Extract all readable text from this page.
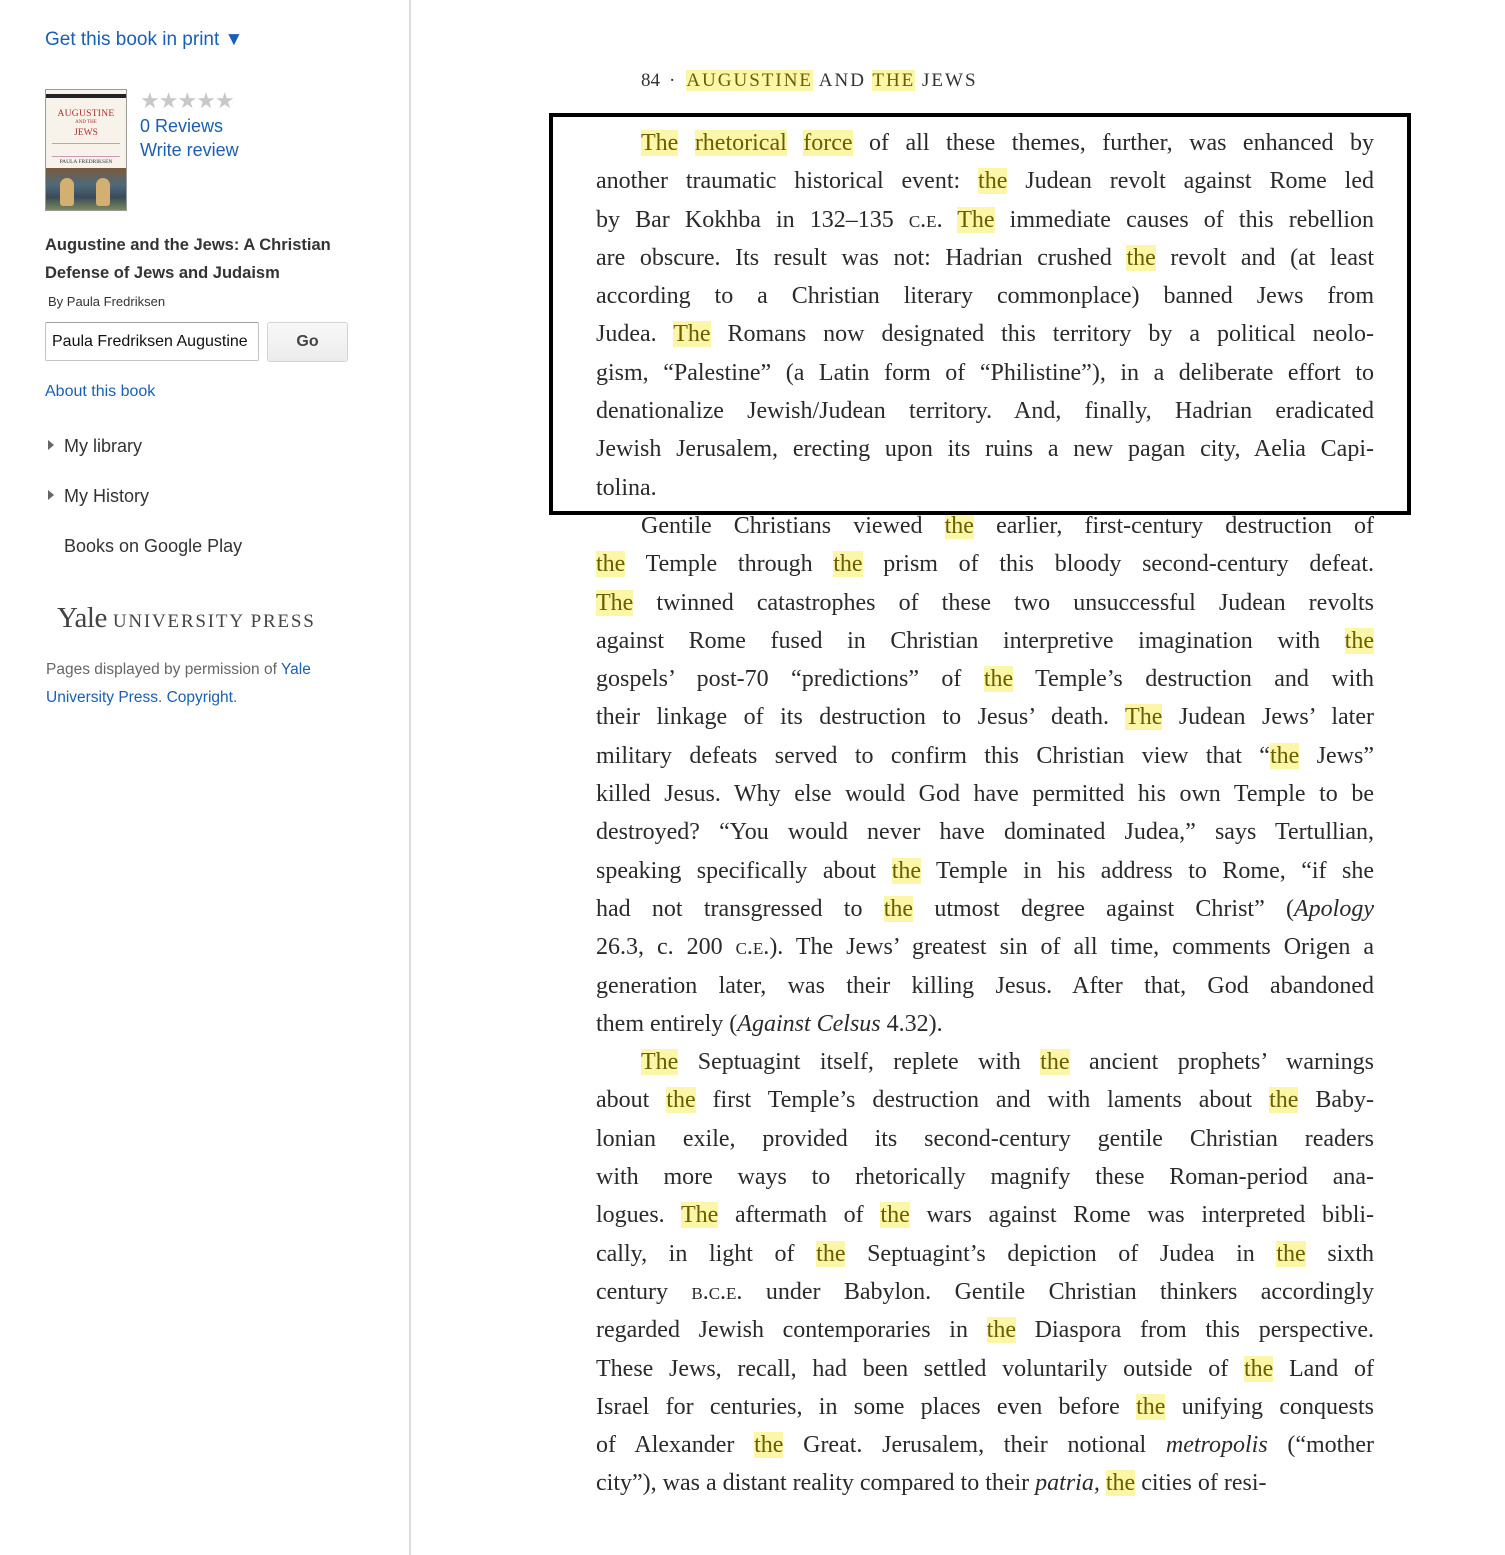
Get this book in print ▼
AUGUSTINE
AND THE
JEWS
PAULA FREDRIKSEN
★★★★★
0 Reviews
Write review
Augustine and the Jews: A Christian Defense of Jews and Judaism
By Paula Fredriksen
Paula Fredriksen Augustine The
Go
About this book
My library
My History
Books on Google Play
Yale UNIVERSITY PRESS
Pages displayed by permission of Yale University Press. Copyright.
84 · AUGUSTINE AND THE JEWS
The rhetorical force of all these themes, further, was enhanced by
another traumatic historical event: the Judean revolt against Rome led
by Bar Kokhba in 132–135 c.e. The immediate causes of this rebellion
are obscure. Its result was not: Hadrian crushed the revolt and (at least
according to a Christian literary commonplace) banned Jews from
Judea. The Romans now designated this territory by a political neolo-
gism, “Palestine” (a Latin form of “Philistine”), in a deliberate effort to
denationalize Jewish/Judean territory. And, finally, Hadrian eradicated
Jewish Jerusalem, erecting upon its ruins a new pagan city, Aelia Capi-
tolina.
Gentile Christians viewed the earlier, first-century destruction of
the Temple through the prism of this bloody second-century defeat.
The twinned catastrophes of these two unsuccessful Judean revolts
against Rome fused in Christian interpretive imagination with the
gospels’ post-70 “predictions” of the Temple’s destruction and with
their linkage of its destruction to Jesus’ death. The Judean Jews’ later
military defeats served to confirm this Christian view that “the Jews”
killed Jesus. Why else would God have permitted his own Temple to be
destroyed? “You would never have dominated Judea,” says Tertullian,
speaking specifically about the Temple in his address to Rome, “if she
had not transgressed to the utmost degree against Christ” (Apology
26.3, c. 200 c.e.). The Jews’ greatest sin of all time, comments Origen a
generation later, was their killing Jesus. After that, God abandoned
them entirely (Against Celsus 4.32).
The Septuagint itself, replete with the ancient prophets’ warnings
about the first Temple’s destruction and with laments about the Baby-
lonian exile, provided its second-century gentile Christian readers
with more ways to rhetorically magnify these Roman-period ana-
logues. The aftermath of the wars against Rome was interpreted bibli-
cally, in light of the Septuagint’s depiction of Judea in the sixth
century b.c.e. under Babylon. Gentile Christian thinkers accordingly
regarded Jewish contemporaries in the Diaspora from this perspective.
These Jews, recall, had been settled voluntarily outside of the Land of
Israel for centuries, in some places even before the unifying conquests
of Alexander the Great. Jerusalem, their notional metropolis (“mother
city”), was a distant reality compared to their patria, the cities of resi-
